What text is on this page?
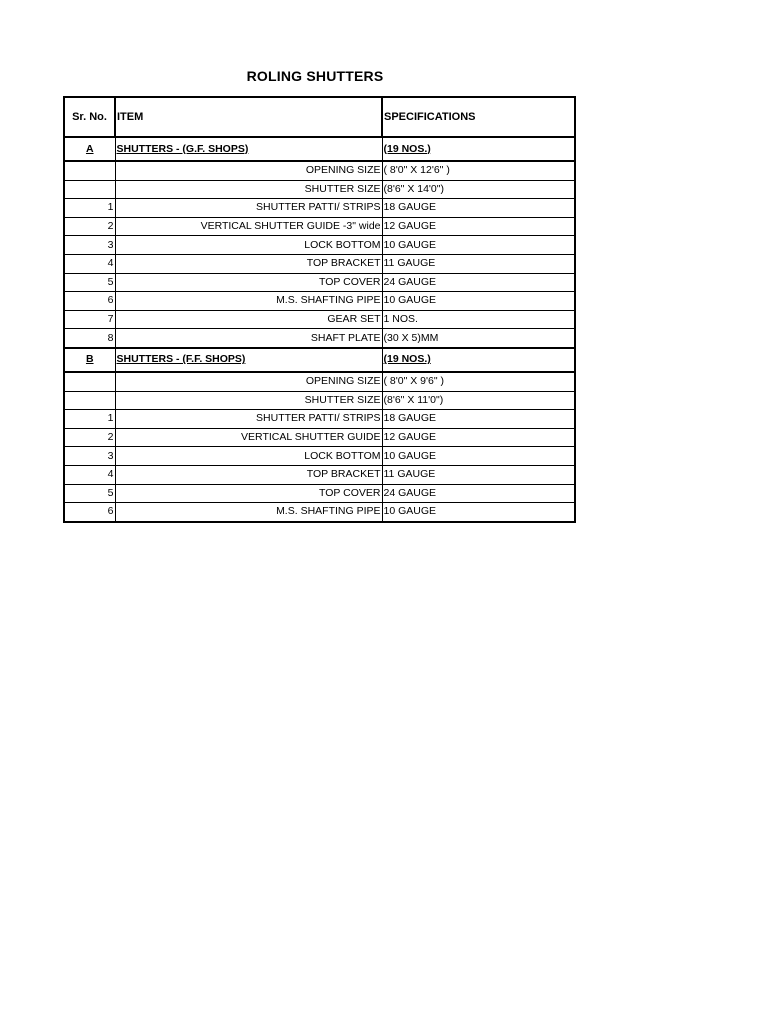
ROLING SHUTTERS
Sr. No.	ITEM	SPECIFICATIONS
A	SHUTTERS - (G.F. SHOPS)	(19 NOS.)
	OPENING SIZE	( 8'0" X 12'6" )
	SHUTTER SIZE	(8'6" X 14'0")
1	SHUTTER PATTI/ STRIPS	18 GAUGE
2	VERTICAL SHUTTER GUIDE -3" wide	12 GAUGE
3	LOCK BOTTOM	10 GAUGE
4	TOP BRACKET	11 GAUGE
5	TOP COVER	24 GAUGE
6	M.S. SHAFTING PIPE	10 GAUGE
7	GEAR SET	1 NOS.
8	SHAFT PLATE	(30 X 5)MM
B	SHUTTERS - (F.F. SHOPS)	(19 NOS.)
	OPENING SIZE	( 8'0" X 9'6" )
	SHUTTER SIZE	(8'6" X 11'0")
1	SHUTTER PATTI/ STRIPS	18 GAUGE
2	VERTICAL SHUTTER GUIDE	12 GAUGE
3	LOCK BOTTOM	10 GAUGE
4	TOP BRACKET	11 GAUGE
5	TOP COVER	24 GAUGE
6	M.S. SHAFTING PIPE	10 GAUGE
